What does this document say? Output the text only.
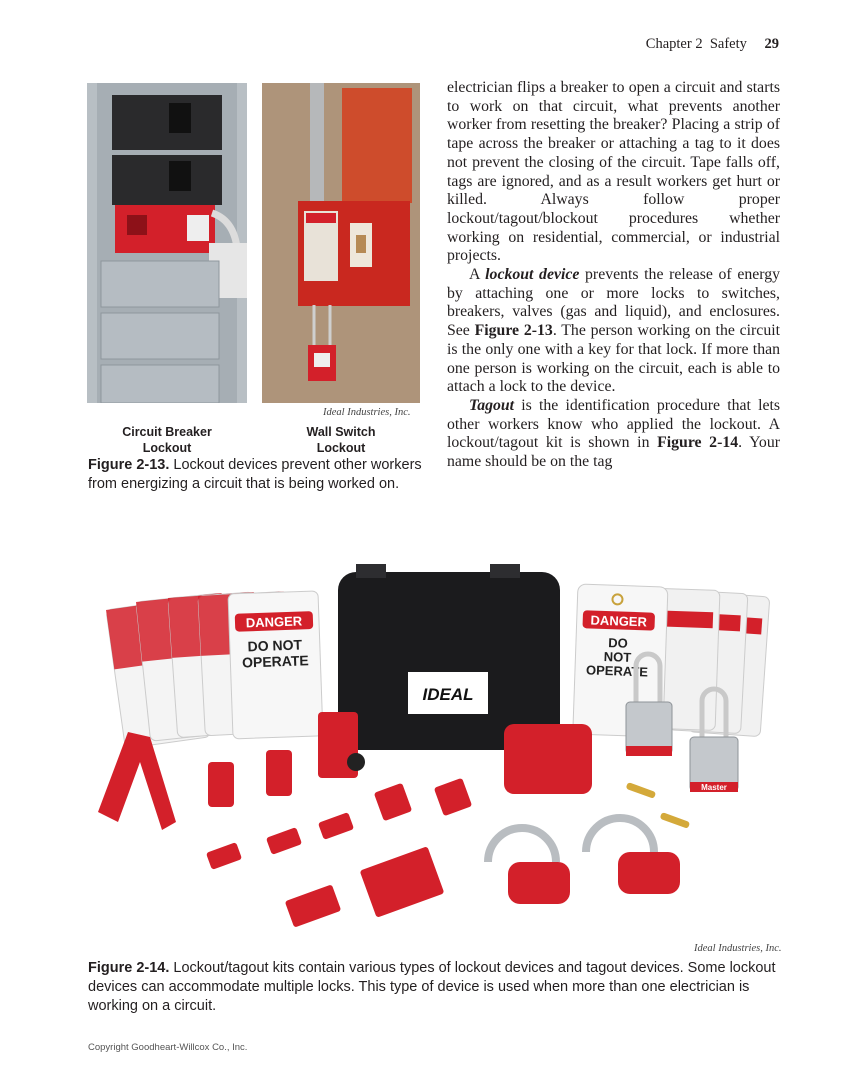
Chapter 2  Safety 29
Ideal Industries, Inc.
Circuit Breaker
Lockout
Wall Switch
Lockout
Figure 2-13. Lockout devices prevent other workers from energizing a circuit that is being worked on.

electrician flips a breaker to open a circuit and starts to work on that circuit, what prevents another worker from resetting the breaker? Placing a strip of tape across the breaker or attaching a tag to it does not prevent the closing of the circuit. Tape falls off, tags are ignored, and as a result workers get hurt or killed. Always follow proper lockout/tagout/blockout procedures whether working on residential, commercial, or industrial projects.

A lockout device prevents the release of energy by attaching one or more locks to switches, breakers, valves (gas and liquid), and enclosures. See Figure 2-13. The person working on the circuit is the only one with a key for that lock. If more than one person is working on the circuit, each is able to attach a lock to the device.

Tagout is the identification procedure that lets other workers know who applied the lockout. A lockout/tagout kit is shown in Figure 2-14. Your name should be on the tag

DANGER
DO NOT
OPERATE
IDEAL
DANGER
DO
NOT
OPERATE
Master
Ideal Industries, Inc.
Figure 2-14. Lockout/tagout kits contain various types of lockout devices and tagout devices. Some lockout devices can accommodate multiple locks. This type of device is used when more than one electrician is working on a circuit.
Copyright Goodheart-Willcox Co., Inc.
